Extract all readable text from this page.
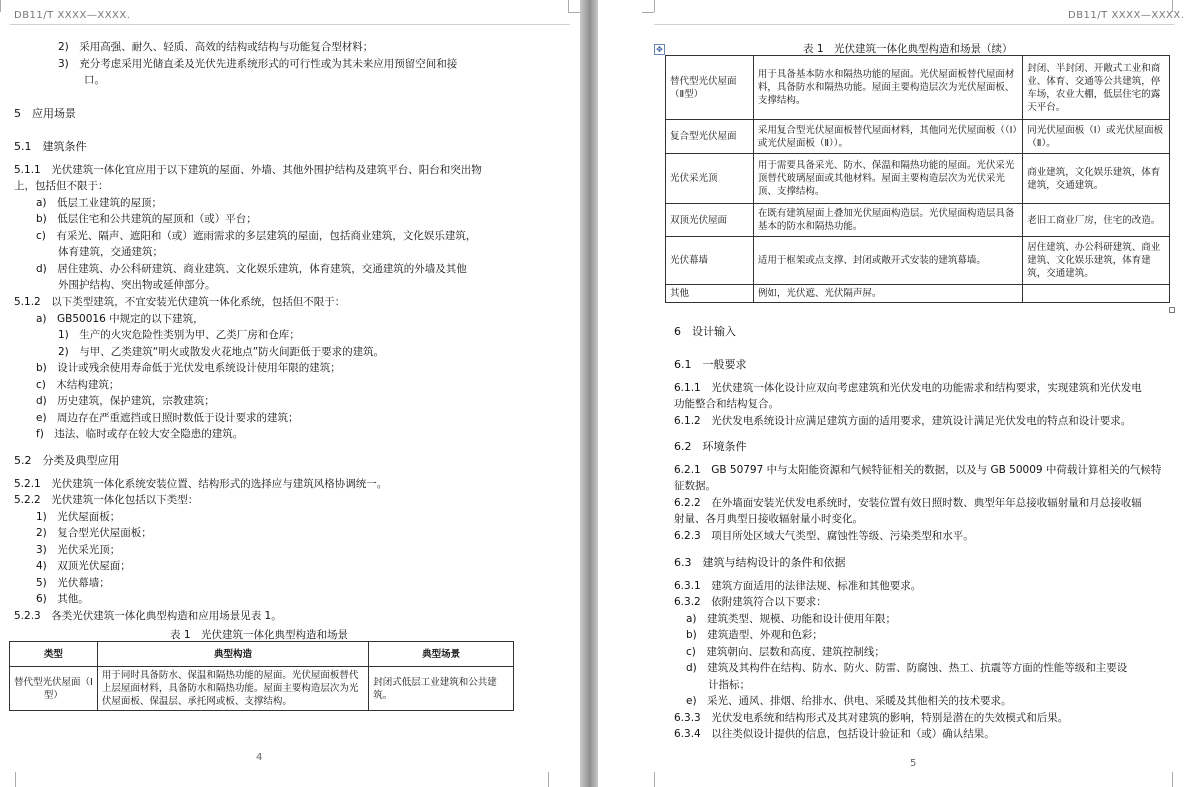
DB11/T XXXX—XXXX.
2)　采用高强、耐久、轻质、高效的结构或结构与功能复合型材料；
3)　充分考虑采用光储直柔及光伏先进系统形式的可行性或为其未来应用预留空间和接
口。
5　应用场景
5.1　建筑条件
5.1.1　光伏建筑一体化宜应用于以下建筑的屋面、外墙、其他外围护结构及建筑平台、阳台和突出物
上，包括但不限于：
a)　低层工业建筑的屋顶；
b)　低层住宅和公共建筑的屋顶和（或）平台；
c)　有采光、隔声、遮阳和（或）遮雨需求的多层建筑的屋面，包括商业建筑，文化娱乐建筑，
体育建筑，交通建筑；
d)　居住建筑、办公科研建筑、商业建筑、文化娱乐建筑，体育建筑，交通建筑的外墙及其他
外围护结构、突出物或延伸部分。
5.1.2　以下类型建筑，不宜安装光伏建筑一体化系统，包括但不限于：
a)　GB50016 中规定的以下建筑，
1)　生产的火灾危险性类别为甲、乙类厂房和仓库；
2)　与甲、乙类建筑“明火或散发火花地点”防火间距低于要求的建筑。
b)　设计或残余使用寿命低于光伏发电系统设计使用年限的建筑；
c)　木结构建筑；
d)　历史建筑，保护建筑，宗教建筑；
e)　周边存在严重遮挡或日照时数低于设计要求的建筑；
f)　违法、临时或存在较大安全隐患的建筑。
5.2　分类及典型应用
5.2.1　光伏建筑一体化系统安装位置、结构形式的选择应与建筑风格协调统一。
5.2.2　光伏建筑一体化包括以下类型：
1)　光伏屋面板；
2)　复合型光伏屋面板；
3)　光伏采光顶；
4)　双顶光伏屋面；
5)　光伏幕墙；
6)　其他。
5.2.3　各类光伏建筑一体化典型构造和应用场景见表 1。
表 1　光伏建筑一体化典型构造和场景
类型	典型构造	典型场景
替代型光伏屋面（Ⅰ型）	用于同时具备防水、保温和隔热功能的屋面。光伏屋面板替代上层屋面材料，具备防水和隔热功能。屋面主要构造层次为光伏屋面板、保温层、承托网或板、支撑结构。	封闭式低层工业建筑和公共建筑。
4
DB11/T XXXX—XXXX.
✥	表 1　光伏建筑一体化典型构造和场景（续）
替代型光伏屋面（Ⅱ型）	用于具备基本防水和隔热功能的屋面。光伏屋面板替代屋面材料，具备防水和隔热功能。屋面主要构造层次为光伏屋面板、支撑结构。	封闭、半封闭、开敞式工业和商业、体育、交通等公共建筑，停车场，农业大棚，低层住宅的露天平台。
复合型光伏屋面	采用复合型光伏屋面板替代屋面材料，其他同光伏屋面板（（Ⅰ）或光伏屋面板（Ⅱ））。	同光伏屋面板（Ⅰ）或光伏屋面板（Ⅱ）。
光伏采光顶	用于需要具备采光、防水、保温和隔热功能的屋面。光伏采光顶替代玻璃屋面或其他材料。屋面主要构造层次为光伏采光顶、支撑结构。	商业建筑，文化娱乐建筑，体育建筑，交通建筑。
双顶光伏屋面	在既有建筑屋面上叠加光伏屋面构造层。光伏屋面构造层具备基本的防水和隔热功能。	老旧工商业厂房，住宅的改造。
光伏幕墙	适用于框架或点支撑、封闭或敞开式安装的建筑幕墙。	居住建筑、办公科研建筑、商业建筑、文化娱乐建筑，体育建筑，交通建筑。
其他	例如，光伏遮、光伏隔声屏。	
6　设计输入
6.1　一般要求
6.1.1　光伏建筑一体化设计应双向考虑建筑和光伏发电的功能需求和结构要求，实现建筑和光伏发电
功能整合和结构复合。
6.1.2　光伏发电系统设计应满足建筑方面的适用要求，建筑设计满足光伏发电的特点和设计要求。
6.2　环境条件
6.2.1　GB 50797 中与太阳能资源和气候特征相关的数据，以及与 GB 50009 中荷载计算相关的气候特
征数据。
6.2.2　在外墙面安装光伏发电系统时，安装位置有效日照时数、典型年年总接收辐射量和月总接收辐
射量、各月典型日接收辐射量小时变化。
6.2.3　项目所处区域大气类型、腐蚀性等级、污染类型和水平。
6.3　建筑与结构设计的条件和依据
6.3.1　建筑方面适用的法律法规、标准和其他要求。
6.3.2　依附建筑符合以下要求：
a)　建筑类型、规模、功能和设计使用年限；
b)　建筑造型、外观和色彩；
c)　建筑朝向、层数和高度、建筑控制线；
d)　建筑及其构件在结构、防水、防火、防雷、防腐蚀、热工、抗震等方面的性能等级和主要设
计指标；
e)　采光、通风、排烟、给排水、供电、采暖及其他相关的技术要求。
6.3.3　光伏发电系统和结构形式及其对建筑的影响，特别是潜在的失效模式和后果。
6.3.4　以往类似设计提供的信息，包括设计验证和（或）确认结果。
5
